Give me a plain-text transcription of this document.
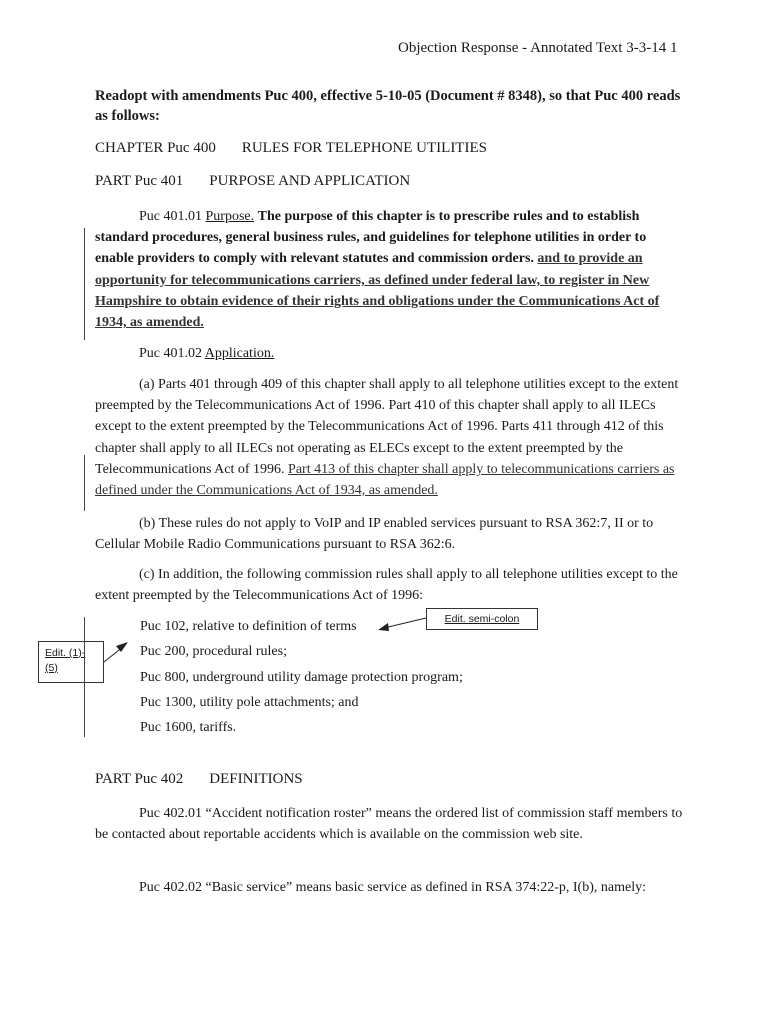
Objection Response - Annotated Text 3-3-14 1
Readopt with amendments Puc 400, effective 5-10-05 (Document # 8348), so that Puc 400 reads as follows:
CHAPTER Puc 400 RULES FOR TELEPHONE UTILITIES
PART Puc 401 PURPOSE AND APPLICATION
Puc 401.01 Purpose. The purpose of this chapter is to prescribe rules and to establish standard procedures, general business rules, and guidelines for telephone utilities in order to enable providers to comply with relevant statutes and commission orders. and to provide an opportunity for telecommunications carriers, as defined under federal law, to register in New Hampshire to obtain evidence of their rights and obligations under the Communications Act of 1934, as amended.
Puc 401.02 Application.
(a) Parts 401 through 409 of this chapter shall apply to all telephone utilities except to the extent preempted by the Telecommunications Act of 1996. Part 410 of this chapter shall apply to all ILECs except to the extent preempted by the Telecommunications Act of 1996. Parts 411 through 412 of this chapter shall apply to all ILECs not operating as ELECs except to the extent preempted by the Telecommunications Act of 1996. Part 413 of this chapter shall apply to telecommunications carriers as defined under the Communications Act of 1934, as amended.
(b) These rules do not apply to VoIP and IP enabled services pursuant to RSA 362:7, II or to Cellular Mobile Radio Communications pursuant to RSA 362:6.
(c) In addition, the following commission rules shall apply to all telephone utilities except to the extent preempted by the Telecommunications Act of 1996:
Puc 102, relative to definition of terms
Puc 200, procedural rules;
Puc 800, underground utility damage protection program;
Puc 1300, utility pole attachments; and
Puc 1600, tariffs.
Edit. semi-colon
Edit. (1)-(5)
PART Puc 402 DEFINITIONS
Puc 402.01 “Accident notification roster” means the ordered list of commission staff members to be contacted about reportable accidents which is available on the commission web site.
Puc 402.02 “Basic service” means basic service as defined in RSA 374:22-p, I(b), namely:
